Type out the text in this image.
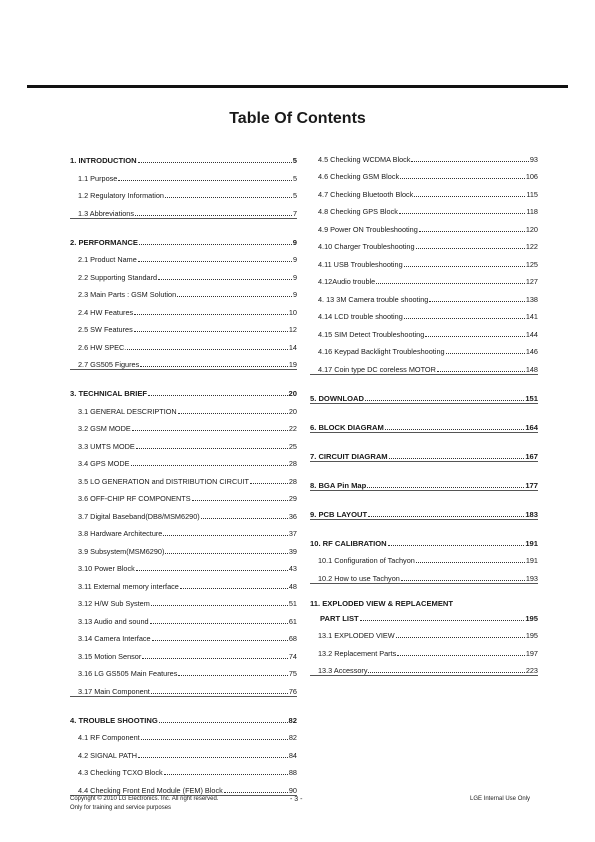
Table Of Contents
1. INTRODUCTION	5
1.1 Purpose	5
1.2 Regulatory Information	5
1.3 Abbreviations	7
2. PERFORMANCE	9
2.1 Product Name	9
2.2 Supporting Standard	9
2.3 Main Parts : GSM Solution	9
2.4 HW Features	10
2.5 SW Features	12
2.6 HW SPEC.	14
2.7 GS505 Figures	19
3. TECHNICAL BRIEF	20
3.1 GENERAL DESCRIPTION	20
3.2 GSM MODE	22
3.3 UMTS MODE	25
3.4 GPS MODE	28
3.5 LO GENERATION and DISTRIBUTION CIRCUIT	28
3.6 OFF-CHIP RF COMPONENTS	29
3.7 Digital Baseband(DB8/MSM6290)	36
3.8 Hardware Architecture	37
3.9 Subsystem(MSM6290)	39
3.10 Power Block	43
3.11 External memory interface	48
3.12 H/W Sub System	51
3.13 Audio and sound	61
3.14 Camera Interface	68
3.15 Motion Sensor	74
3.16 LG GS505 Main Features	75
3.17 Main Component	76
4. TROUBLE SHOOTING	82
4.1 RF Component	82
4.2 SIGNAL PATH	84
4.3 Checking TCXO Block	88
4.4 Checking Front End Module (FEM) Block	90
4.5 Checking WCDMA Block	93
4.6 Checking GSM Block	106
4.7 Checking Bluetooth Block	115
4.8 Checking GPS Block	118
4.9 Power ON Troubleshooting	120
4.10 Charger Troubleshooting	122
4.11 USB Troubleshooting	125
4.12Audio trouble	127
4. 13 3M Camera trouble shooting	138
4.14 LCD trouble shooting	141
4.15 SIM Detect Troubleshooting	144
4.16 Keypad Backlight Troubleshooting	146
4.17 Coin type DC coreless MOTOR	148
5. DOWNLOAD	151
6. BLOCK DIAGRAM	164
7. CIRCUIT DIAGRAM	167
8. BGA Pin Map	177
9. PCB LAYOUT	183
10. RF CALIBRATION	191
10.1 Configuration of Tachyon	191
10.2 How to use Tachyon	193
11. EXPLODED VIEW & REPLACEMENT
PART LIST	195
13.1 EXPLODED VIEW	195
13.2 Replacement Parts	197
13.3 Accessory	223
Copyright © 2010 LG Electronics. Inc. All right reserved.
Only for training and service purposes
- 3 -	LGE Internal Use Only
